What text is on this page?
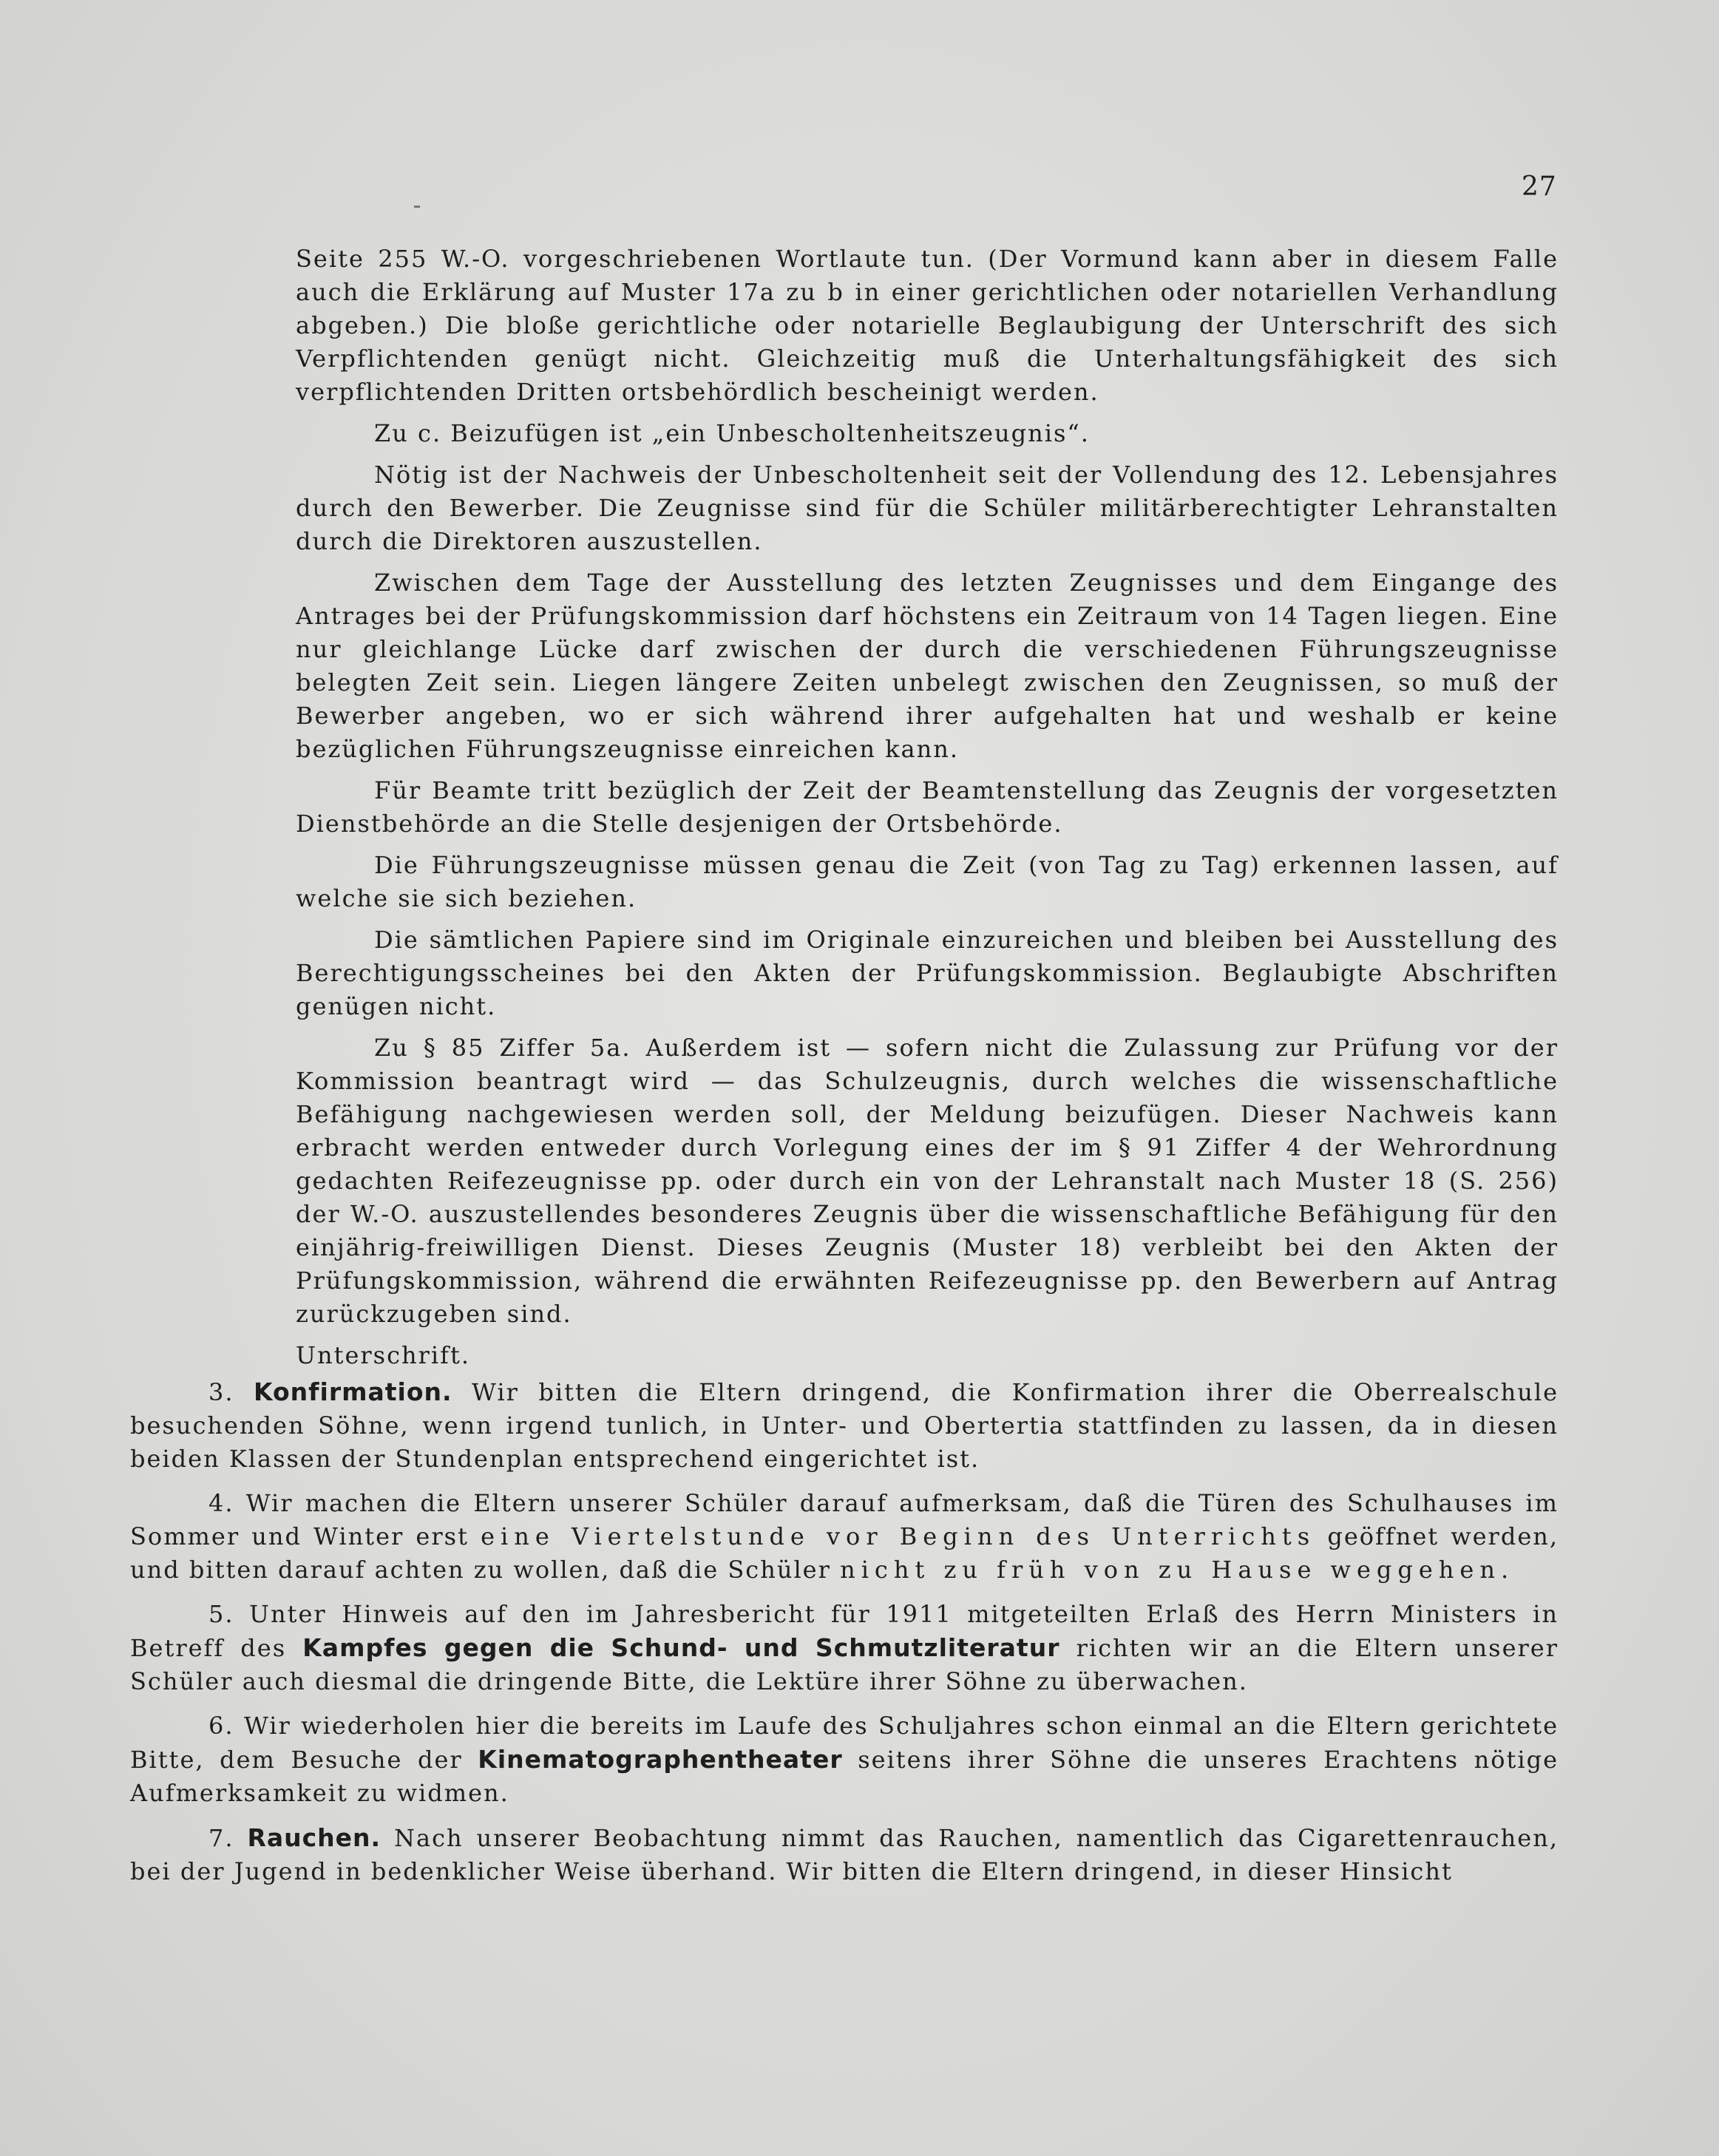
27

Seite 255 W.-O. vorgeschriebenen Wortlaute tun. (Der Vormund kann aber in diesem Falle auch die Erklärung auf Muster 17a zu b in einer gerichtlichen oder notariellen Verhandlung abgeben.) Die bloße gerichtliche oder notarielle Beglaubigung der Unterschrift des sich Verpflichtenden genügt nicht. Gleichzeitig muß die Unterhaltungsfähigkeit des sich verpflichtenden Dritten ortsbehördlich bescheinigt werden.

Zu c. Beizufügen ist „ein Unbescholtenheitszeugnis“.

Nötig ist der Nachweis der Unbescholtenheit seit der Vollendung des 12. Lebensjahres durch den Bewerber. Die Zeugnisse sind für die Schüler militärberechtigter Lehranstalten durch die Direktoren auszustellen.

Zwischen dem Tage der Ausstellung des letzten Zeugnisses und dem Eingange des Antrages bei der Prüfungskommission darf höchstens ein Zeitraum von 14 Tagen liegen. Eine nur gleichlange Lücke darf zwischen der durch die verschiedenen Führungszeugnisse belegten Zeit sein. Liegen längere Zeiten unbelegt zwischen den Zeugnissen, so muß der Bewerber angeben, wo er sich während ihrer aufgehalten hat und weshalb er keine bezüglichen Führungszeugnisse einreichen kann.

Für Beamte tritt bezüglich der Zeit der Beamtenstellung das Zeugnis der vorgesetzten Dienstbehörde an die Stelle desjenigen der Ortsbehörde.

Die Führungszeugnisse müssen genau die Zeit (von Tag zu Tag) erkennen lassen, auf welche sie sich beziehen.

Die sämtlichen Papiere sind im Originale einzureichen und bleiben bei Ausstellung des Berechtigungsscheines bei den Akten der Prüfungskommission. Beglaubigte Abschriften genügen nicht.

Zu § 85 Ziffer 5a. Außerdem ist — sofern nicht die Zulassung zur Prüfung vor der Kommission beantragt wird — das Schulzeugnis, durch welches die wissenschaftliche Befähigung nachgewiesen werden soll, der Meldung beizufügen. Dieser Nachweis kann erbracht werden entweder durch Vorlegung eines der im § 91 Ziffer 4 der Wehrordnung gedachten Reifezeugnisse pp. oder durch ein von der Lehranstalt nach Muster 18 (S. 256) der W.-O. auszustellendes besonderes Zeugnis über die wissenschaftliche Befähigung für den einjährig-freiwilligen Dienst. Dieses Zeugnis (Muster 18) verbleibt bei den Akten der Prüfungskommission, während die erwähnten Reifezeugnisse pp. den Bewerbern auf Antrag zurückzugeben sind.

Unterschrift.

3. Konfirmation. Wir bitten die Eltern dringend, die Konfirmation ihrer die Oberrealschule besuchenden Söhne, wenn irgend tunlich, in Unter- und Obertertia stattfinden zu lassen, da in diesen beiden Klassen der Stundenplan entsprechend eingerichtet ist.

4. Wir machen die Eltern unserer Schüler darauf aufmerksam, daß die Türen des Schulhauses im Sommer und Winter erst eine Viertelstunde vor Beginn des Unterrichts geöffnet werden, und bitten darauf achten zu wollen, daß die Schüler nicht zu früh von zu Hause weggehen.

5. Unter Hinweis auf den im Jahresbericht für 1911 mitgeteilten Erlaß des Herrn Ministers in Betreff des Kampfes gegen die Schund- und Schmutzliteratur richten wir an die Eltern unserer Schüler auch diesmal die dringende Bitte, die Lektüre ihrer Söhne zu überwachen.

6. Wir wiederholen hier die bereits im Laufe des Schuljahres schon einmal an die Eltern gerichtete Bitte, dem Besuche der Kinematographentheater seitens ihrer Söhne die unseres Erachtens nötige Aufmerksamkeit zu widmen.

7. Rauchen. Nach unserer Beobachtung nimmt das Rauchen, namentlich das Cigarettenrauchen, bei der Jugend in bedenklicher Weise überhand. Wir bitten die Eltern dringend, in dieser Hinsicht
